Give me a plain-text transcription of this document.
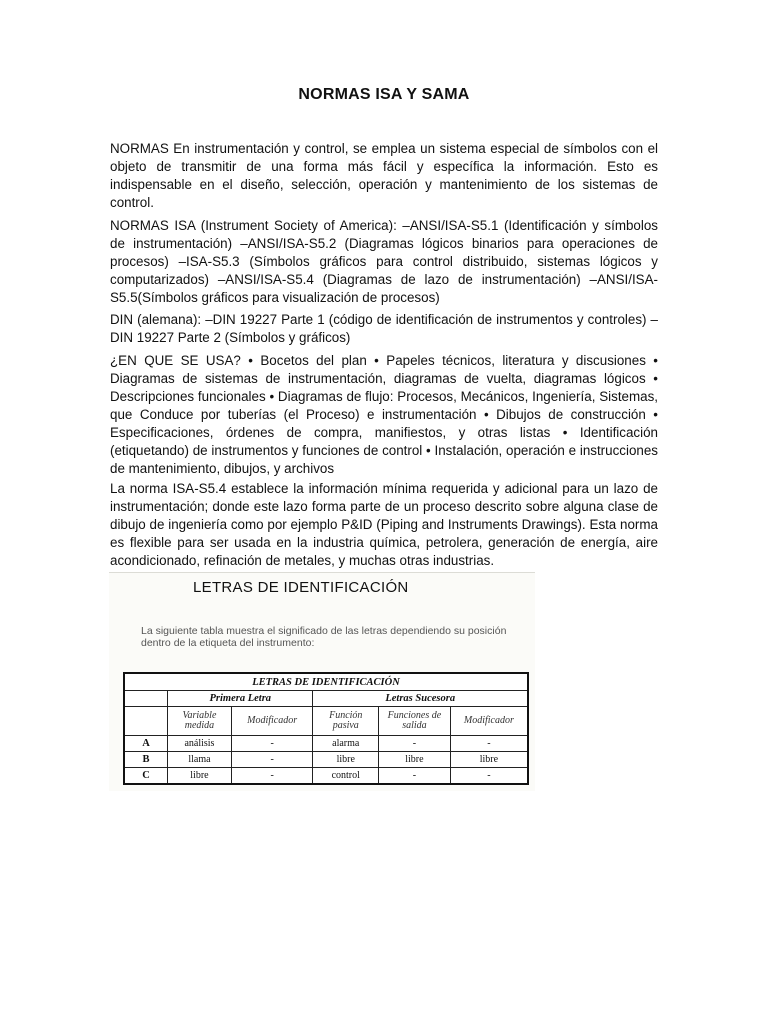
NORMAS ISA Y SAMA

NORMAS En instrumentación y control, se emplea un sistema especial de símbolos con el objeto de transmitir de una forma más fácil y específica la información. Esto es indispensable en el diseño, selección, operación y mantenimiento de los sistemas de control.

NORMAS ISA (Instrument Society of America): –ANSI/ISA-S5.1 (Identificación y símbolos de instrumentación) –ANSI/ISA-S5.2 (Diagramas lógicos binarios para operaciones de procesos) –ISA-S5.3 (Símbolos gráficos para control distribuido, sistemas lógicos y computarizados) –ANSI/ISA-S5.4 (Diagramas de lazo de instrumentación) –ANSI/ISA-S5.5(Símbolos gráficos para visualización de procesos)

DIN (alemana): –DIN 19227 Parte 1 (código de identificación de instrumentos y controles) –DIN 19227 Parte 2 (Símbolos y gráficos)

¿EN QUE SE USA? • Bocetos del plan • Papeles técnicos, literatura y discusiones • Diagramas de sistemas de instrumentación, diagramas de vuelta, diagramas lógicos • Descripciones funcionales • Diagramas de flujo: Procesos, Mecánicos, Ingeniería, Sistemas, que Conduce por tuberías (el Proceso) e instrumentación • Dibujos de construcción • Especificaciones, órdenes de compra, manifiestos, y otras listas • Identificación (etiquetando) de instrumentos y funciones de control • Instalación, operación e instrucciones de mantenimiento, dibujos, y archivos

La norma ISA-S5.4 establece la información mínima requerida y adicional para un lazo de instrumentación; donde este lazo forma parte de un proceso descrito sobre alguna clase de dibujo de ingeniería como por ejemplo P&ID (Piping and Instruments Drawings). Esta norma es flexible para ser usada en la industria química, petrolera, generación de energía, aire acondicionado, refinación de metales, y muchas otras industrias.

LETRAS DE IDENTIFICACIÓN
La siguiente tabla muestra el significado de las letras dependiendo su posición dentro de la etiqueta del instrumento:
LETRAS DE IDENTIFICACIÓN					
	Primera Letra		Letras Sucesora		
	Variable medida	Modificador	Función pasiva	Funciones de salida	Modificador
A	análisis	-	alarma	-	-
B	llama	-	libre	libre	libre
C	libre	-	control	-	-
